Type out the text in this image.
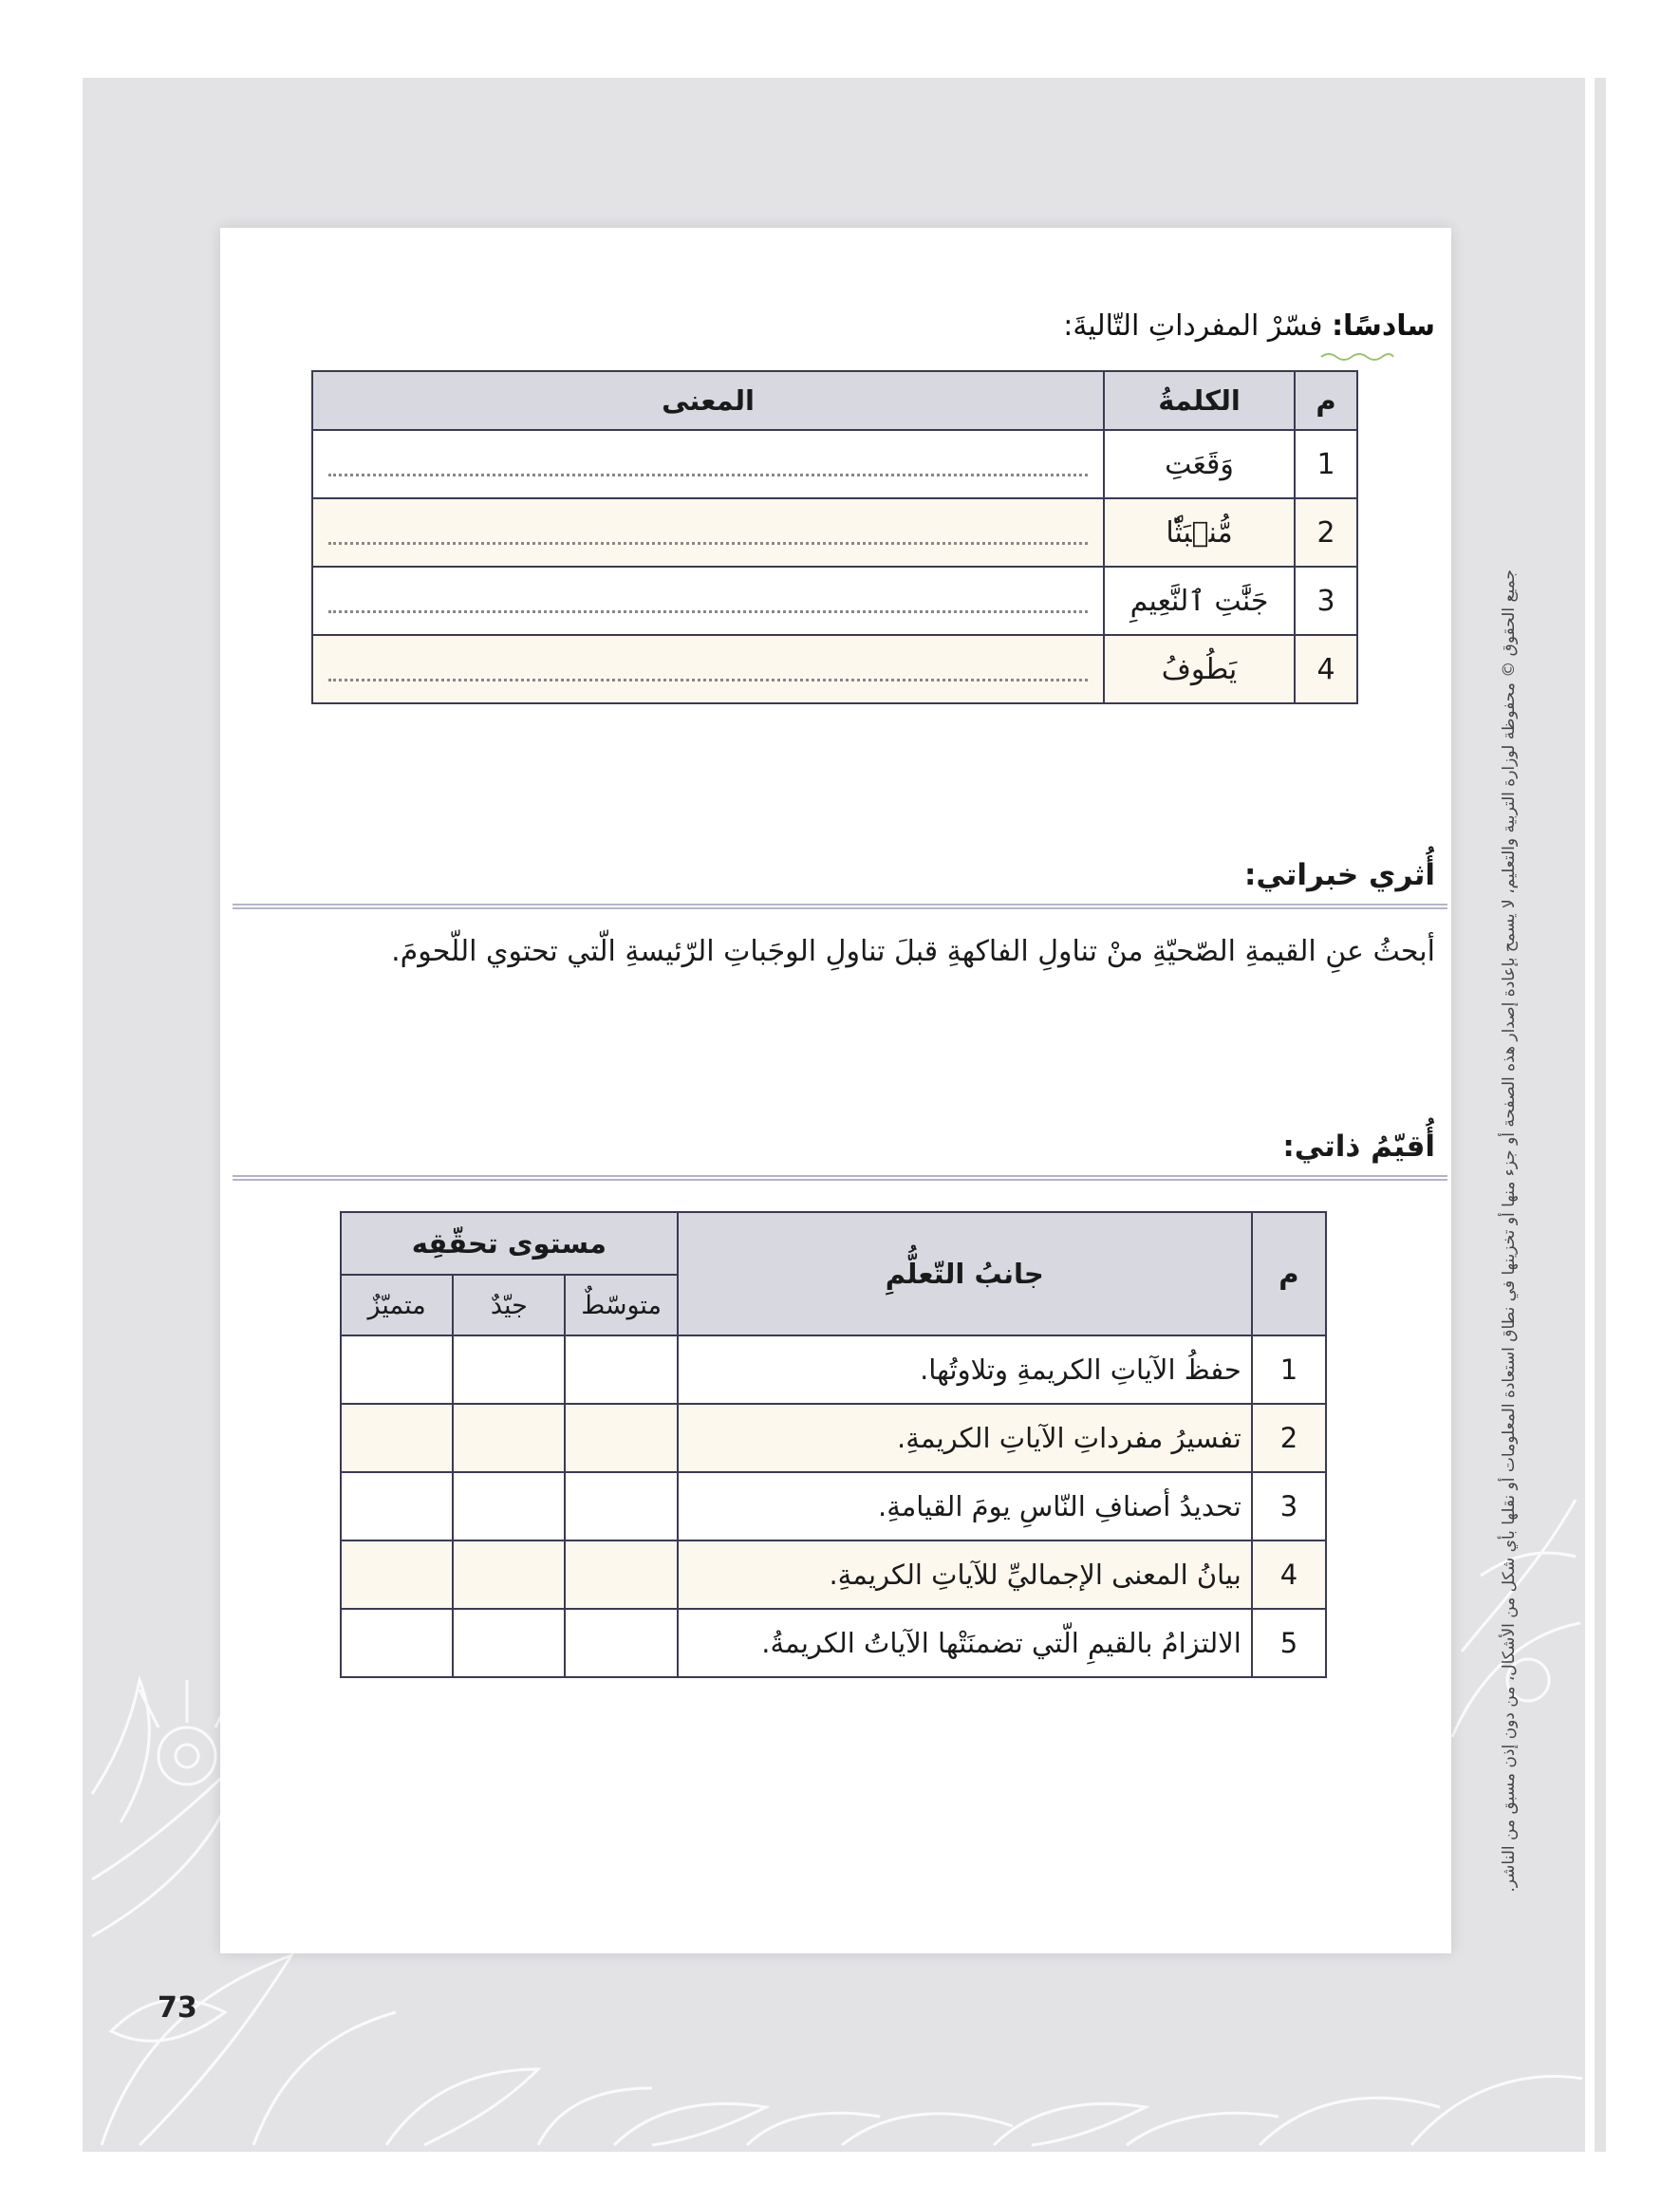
جميع الحقوق © محفوظة لوزارة التربية والتعليم، لا يسمح بإعادة إصدار هذه الصفحة أو جزء منها أو تخزينها في نطاق استعادة المعلومات أو نقلها بأي شكل من الأشكال، من دون إذن مسبق من الناشر.
سادسًا: فسّرْ المفرداتِ التّاليةَ:
م	الكلمةُ	المعنى
1	وَقَعَتِ	

2	مُّنۢبَثّٗا	

3	جَنَّٰتِ ٱلنَّعِيمِ	

4	يَطُوفُ	
أُثري خبراتي:
أبحثُ عنِ القيمةِ الصّحيّةِ منْ تناولِ الفاكهةِ قبلَ تناولِ الوجَباتِ الرّئيسةِ الّتي تحتوي اللّحومَ.
أُقيّمُ ذاتي:
م	جانبُ التّعلُّمِ	مستوى تحقّقِه		
		متوسّطٌ	جيّدٌ	متميّزٌ
1	حفظُ الآياتِ الكريمةِ وتلاوتُها.			
2	تفسيرُ مفرداتِ الآياتِ الكريمةِ.			
3	تحديدُ أصنافِ النّاسِ يومَ القيامةِ.			
4	بيانُ المعنى الإجماليِّ للآياتِ الكريمةِ.			
5	الالتزامُ بالقيمِ الّتي تضمنَتْها الآياتُ الكريمةُ.			
73
